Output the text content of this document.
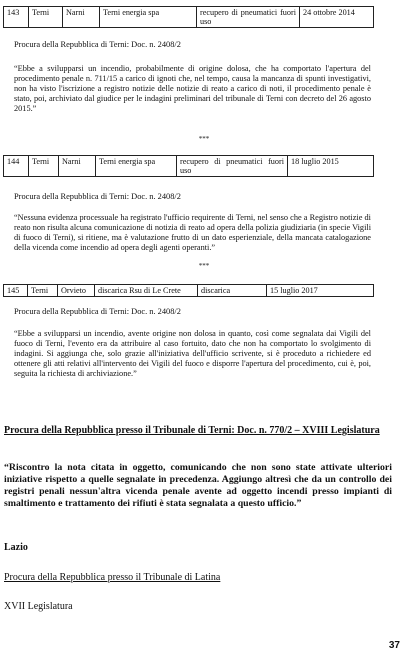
143	Terni	Narni	Terni energia spa	recupero di pneumatici fuori uso	24 ottobre 2014
Procura della Repubblica di Terni: Doc. n. 2408/2
“Ebbe a svilupparsi un incendio, probabilmente di origine dolosa, che ha comportato l'apertura del procedimento penale n. 711/15 a carico di ignoti che, nel tempo, causa la mancanza di spunti investigativi, non ha visto l'iscrizione a registro notizie delle notizie di reato a carico di noti, il procedimento penale è stato, poi, archiviato dal giudice per le indagini preliminari del tribunale di Terni con decreto del 26 agosto 2015.”
***
144	Terni	Narni	Terni energia spa	recupero di pneumatici fuori uso	18 luglio 2015
Procura della Repubblica di Terni: Doc. n. 2408/2
“Nessuna evidenza processuale ha registrato l'ufficio requirente di Terni, nel senso che a Registro notizie di reato non risulta alcuna comunicazione di notizia di reato ad opera della polizia giudiziaria (in specie Vigili di fuoco di Terni), si ritiene, ma è valutazione frutto di un dato esperienziale, della mancata catalogazione della vicenda come incendio ad opera degli agenti operanti.”
***
145	Terni	Orvieto	discarica Rsu di Le Crete	discarica	15 luglio 2017
Procura della Repubblica di Terni: Doc. n. 2408/2
“Ebbe a svilupparsi un incendio, avente origine non dolosa in quanto, così come segnalata dai Vigili del fuoco di Terni, l'evento era da attribuire al caso fortuito, dato che non ha comportato lo svolgimento di indagini. Si aggiunga che, solo grazie all'iniziativa dell'ufficio scrivente, si è proceduto a richiedere ed ottenere gli atti relativi all'intervento dei Vigili del fuoco e disporre l'apertura del procedimento, cui è, poi, seguita la richiesta di archiviazione.”
Procura della Repubblica presso il Tribunale di Terni: Doc. n. 770/2 – XVIII Legislatura
“Riscontro la nota citata in oggetto, comunicando che non sono state attivate ulteriori iniziative rispetto a quelle segnalate in precedenza. Aggiungo altresì che da un controllo dei registri penali nessun'altra vicenda penale avente ad oggetto incendi presso impianti di smaltimento e trattamento dei rifiuti è stata segnalata a questo ufficio.”
Lazio
Procura della Repubblica presso il Tribunale di Latina
XVII Legislatura
37
